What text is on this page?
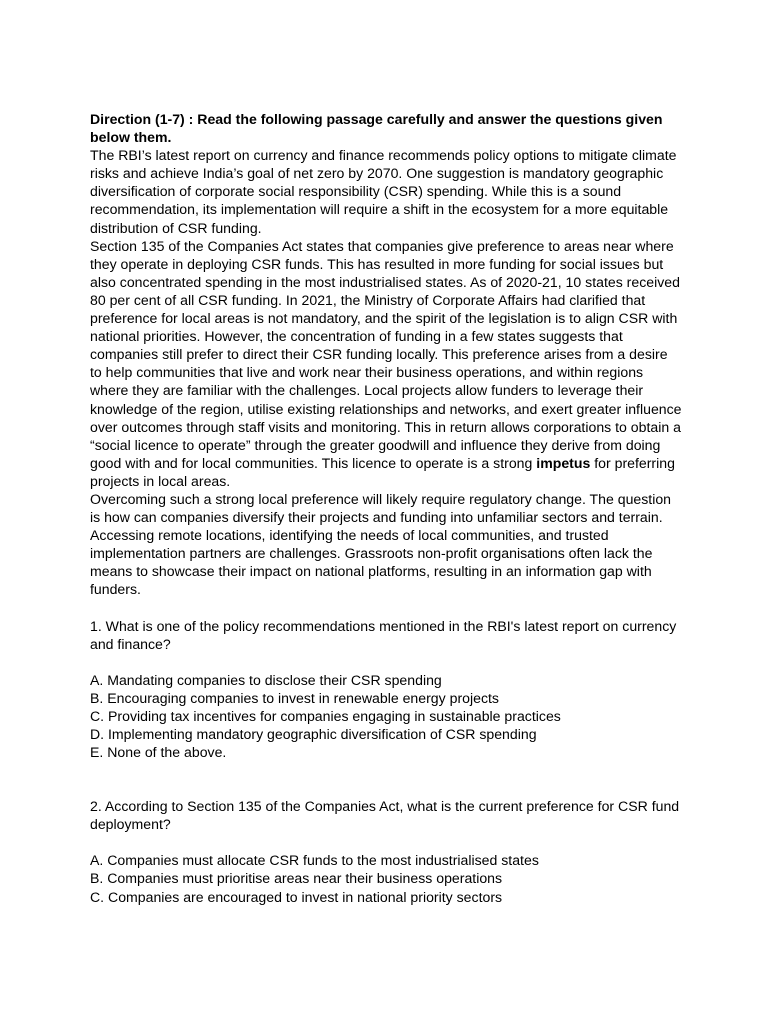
Direction (1-7) : Read the following passage carefully and answer the questions given below them.

The RBI’s latest report on currency and finance recommends policy options to mitigate climate risks and achieve India’s goal of net zero by 2070. One suggestion is mandatory geographic diversification of corporate social responsibility (CSR) spending. While this is a sound recommendation, its implementation will require a shift in the ecosystem for a more equitable distribution of CSR funding.

Section 135 of the Companies Act states that companies give preference to areas near where they operate in deploying CSR funds. This has resulted in more funding for social issues but also concentrated spending in the most industrialised states. As of 2020-21, 10 states received 80 per cent of all CSR funding. In 2021, the Ministry of Corporate Affairs had clarified that preference for local areas is not mandatory, and the spirit of the legislation is to align CSR with national priorities. However, the concentration of funding in a few states suggests that companies still prefer to direct their CSR funding locally. This preference arises from a desire to help communities that live and work near their business operations, and within regions where they are familiar with the challenges. Local projects allow funders to leverage their knowledge of the region, utilise existing relationships and networks, and exert greater influence over outcomes through staff visits and monitoring. This in return allows corporations to obtain a “social licence to operate” through the greater goodwill and influence they derive from doing good with and for local communities. This licence to operate is a strong impetus for preferring projects in local areas.

Overcoming such a strong local preference will likely require regulatory change. The question is how can companies diversify their projects and funding into unfamiliar sectors and terrain. Accessing remote locations, identifying the needs of local communities, and trusted implementation partners are challenges. Grassroots non-profit organisations often lack the means to showcase their impact on national platforms, resulting in an information gap with funders.

1. What is one of the policy recommendations mentioned in the RBI's latest report on currency and finance?

A. Mandating companies to disclose their CSR spending
B. Encouraging companies to invest in renewable energy projects
C. Providing tax incentives for companies engaging in sustainable practices
D. Implementing mandatory geographic diversification of CSR spending
E. None of the above.

2. According to Section 135 of the Companies Act, what is the current preference for CSR fund deployment?

A. Companies must allocate CSR funds to the most industrialised states
B. Companies must prioritise areas near their business operations
C. Companies are encouraged to invest in national priority sectors
